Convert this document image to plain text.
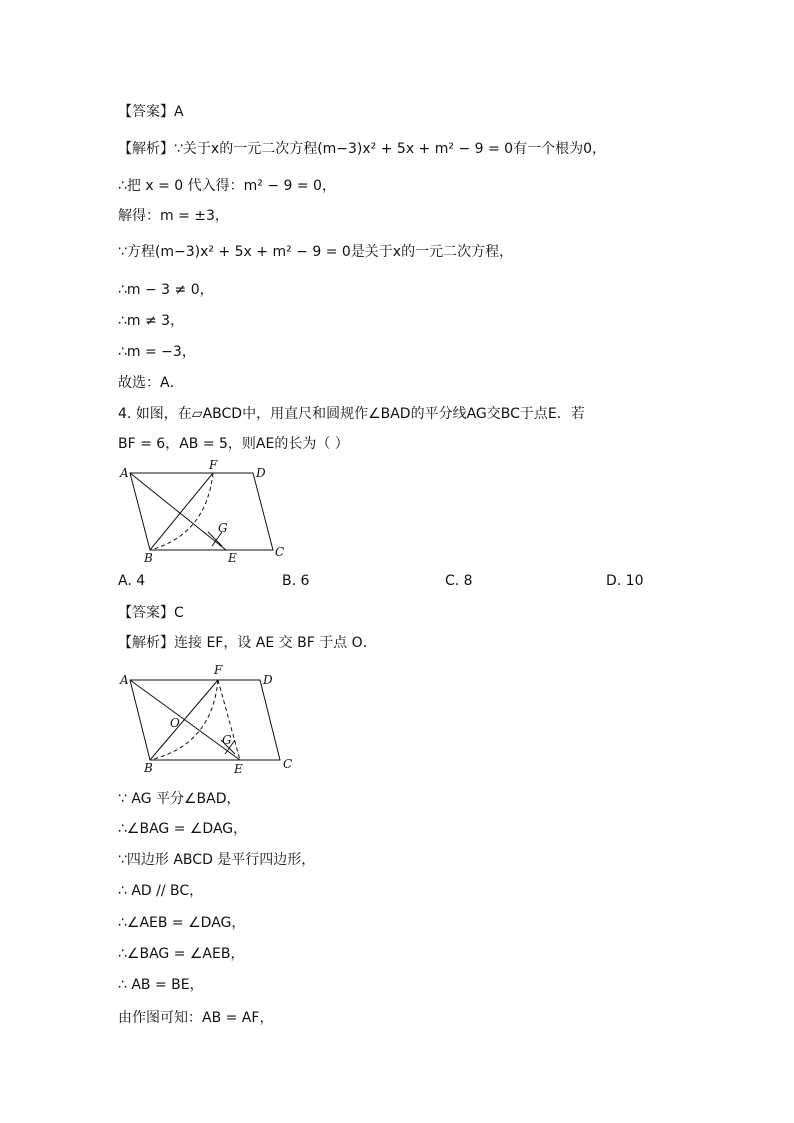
【答案】A
【解析】∵关于x的一元二次方程(m−3)x² + 5x + m² − 9 = 0有一个根为0，
∴把 x = 0 代入得：m² − 9 = 0，
解得：m = ±3，
∵方程(m−3)x² + 5x + m² − 9 = 0是关于x的一元二次方程，
∴m − 3 ≠ 0，
∴m ≠ 3，
∴m = −3，
故选：A．
4. 如图，在▱ABCD中，用直尺和圆规作∠BAD的平分线AG交BC于点E．若
BF = 6，AB = 5，则AE的长为（ ）
A
F
D
G
B	E	C
A. 4	B. 6	C. 8	D. 10
【答案】C
【解析】连接 EF，设 AE 交 BF 于点 O．
A
F
D
O
G
B	E	C
∵ AG 平分∠BAD，
∴∠BAG = ∠DAG，
∵四边形 ABCD 是平行四边形，
∴ AD // BC，
∴∠AEB = ∠DAG，
∴∠BAG = ∠AEB，
∴ AB = BE，
由作图可知：AB = AF，
